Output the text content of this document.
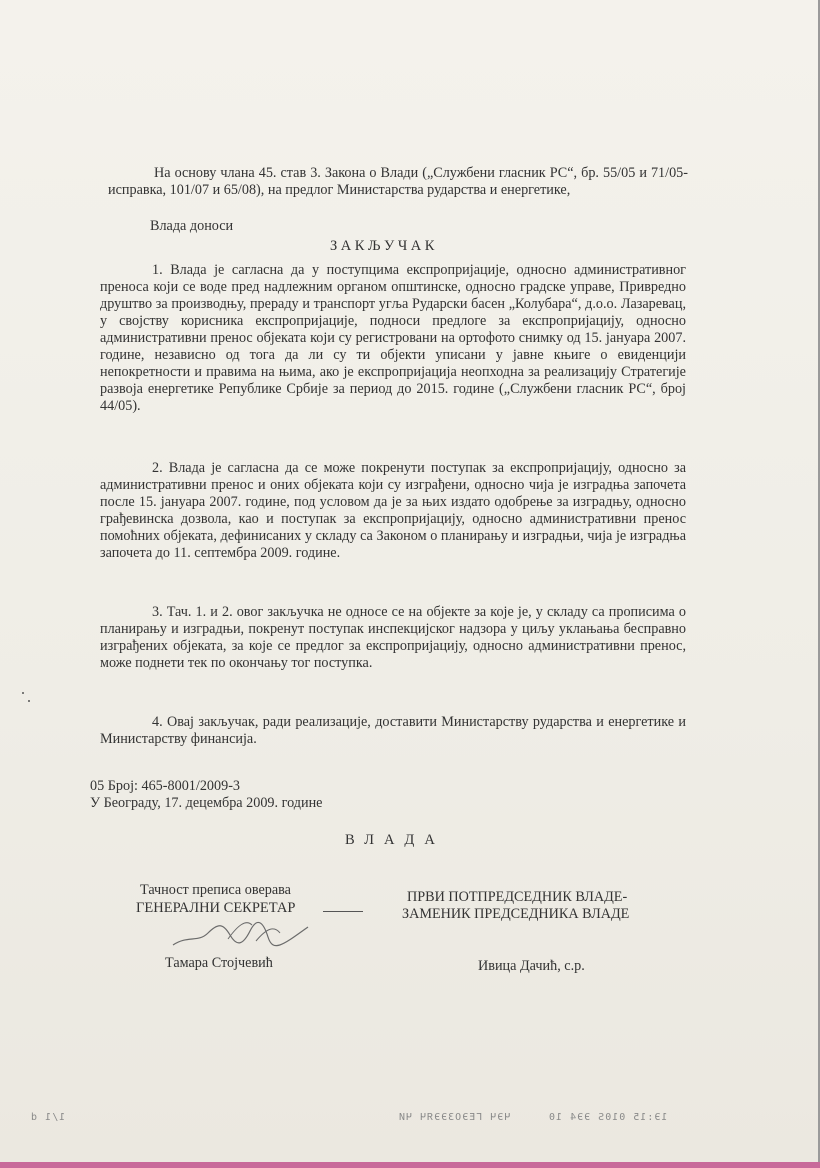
На основу члана 45. став 3. Закона о Влади („Службени гласник РС“, бр. 55/05 и 71/05-исправка, 101/07 и 65/08), на предлог Министарства рударства и енергетике,
Влада доноси
ЗАКЉУЧАК
1. Влада је сагласна да у поступцима експропријације, односно административног преноса који се воде пред надлежним органом општинске, односно градске управе, Привредно друштво за производњу, прераду и транспорт угља Рударски басен „Колубара“, д.о.о. Лазаревац, у својству корисника експропријације, подноси предлоге за експропријацију, односно административни пренос објеката који су регистровани на ортофото снимку од 15. јануара 2007. године, независно од тога да ли су ти објекти уписани у јавне књиге о евиденцији непокретности и правима на њима, ако је експропријација неопходна за реализацију Стратегије развоја енергетике Републике Србије за период до 2015. године („Службени гласник РС“, број 44/05).
2. Влада је сагласна да се може покренути поступак за експропријацију, односно за административни пренос и оних објеката који су изграђени, односно чија је изградња започета после 15. јануара 2007. године, под условом да је за њих издато одобрење за изградњу, односно грађевинска дозвола, као и поступак за експропријацију, односно административни пренос помоћних објеката, дефинисаних у складу са Законом о планирању и изградњи, чија је изградња започета до 11. септембра 2009. године.
3. Тач. 1. и 2. овог закључка не односе се на објекте за које је, у складу са прописима о планирању и изградњи, покренут поступак инспекцијског надзора у циљу уклањања бесправно изграђених објеката, за које се предлог за експропријацију, односно административни пренос, може поднети тек по окончању тог поступка.
4. Овај закључак, ради реализације, доставити Министарству рударства и енергетике и Министарству финансија.
05 Број: 465-8001/2009-3
У Београду, 17. децембра 2009. године
ВЛАДА
Тачност преписа оверава
ГЕНЕРАЛНИ СЕКРЕТАР
Тамара Стојчевић
ПРВИ ПОТПРЕДСЕДНИК ВЛАДЕ-
ЗАМЕНИК ПРЕДСЕДНИКА ВЛАДЕ
Ивица Дачић, с.р.
1/1 d	ЧЭЧ ГЕЭОЗЭЭЯЧ ЧИ	1Э:15 010S ЭЭ4 10
